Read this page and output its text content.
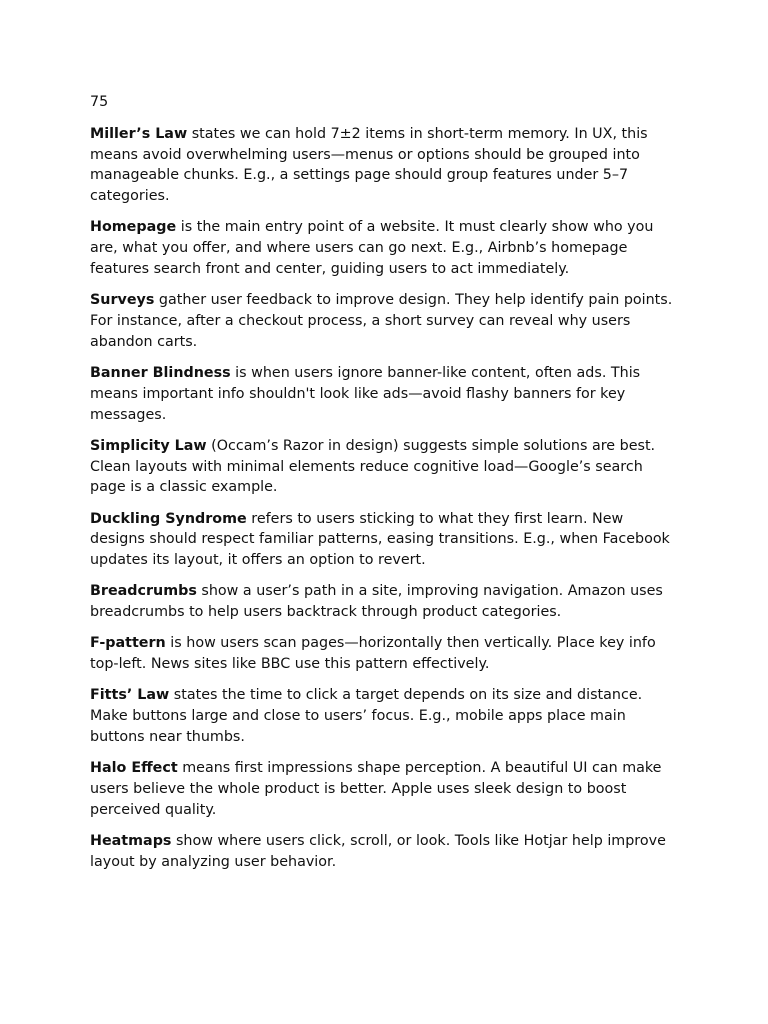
75

Miller’s Law states we can hold 7±2 items in short-term memory. In UX, this means avoid overwhelming users—menus or options should be grouped into manageable chunks. E.g., a settings page should group features under 5–7 categories.

Homepage is the main entry point of a website. It must clearly show who you are, what you offer, and where users can go next. E.g., Airbnb’s homepage features search front and center, guiding users to act immediately.

Surveys gather user feedback to improve design. They help identify pain points. For instance, after a checkout process, a short survey can reveal why users abandon carts.

Banner Blindness is when users ignore banner-like content, often ads. This means important info shouldn't look like ads—avoid flashy banners for key messages.

Simplicity Law (Occam’s Razor in design) suggests simple solutions are best. Clean layouts with minimal elements reduce cognitive load—Google’s search page is a classic example.

Duckling Syndrome refers to users sticking to what they first learn. New designs should respect familiar patterns, easing transitions. E.g., when Facebook updates its layout, it offers an option to revert.

Breadcrumbs show a user’s path in a site, improving navigation. Amazon uses breadcrumbs to help users backtrack through product categories.

F-pattern is how users scan pages—horizontally then vertically. Place key info top-left. News sites like BBC use this pattern effectively.

Fitts’ Law states the time to click a target depends on its size and distance. Make buttons large and close to users’ focus. E.g., mobile apps place main buttons near thumbs.

Halo Effect means first impressions shape perception. A beautiful UI can make users believe the whole product is better. Apple uses sleek design to boost perceived quality.

Heatmaps show where users click, scroll, or look. Tools like Hotjar help improve layout by analyzing user behavior.
